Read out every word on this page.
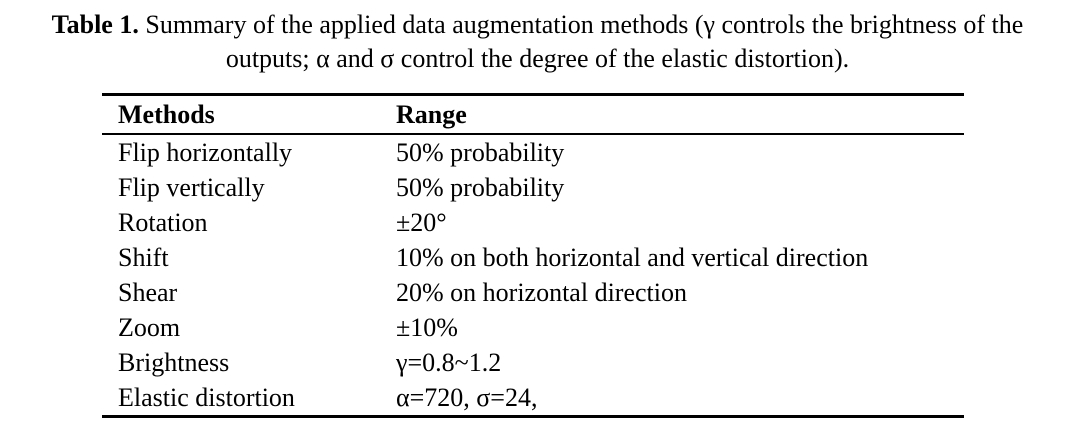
Table 1. Summary of the applied data augmentation methods (γ controls the brightness of the
outputs; α and σ control the degree of the elastic distortion).
Methods	Range
Flip horizontally	50% probability
Flip vertically	50% probability
Rotation	±20°
Shift	10% on both horizontal and vertical direction
Shear	20% on horizontal direction
Zoom	±10%
Brightness	γ=0.8~1.2
Elastic distortion	α=720, σ=24,
